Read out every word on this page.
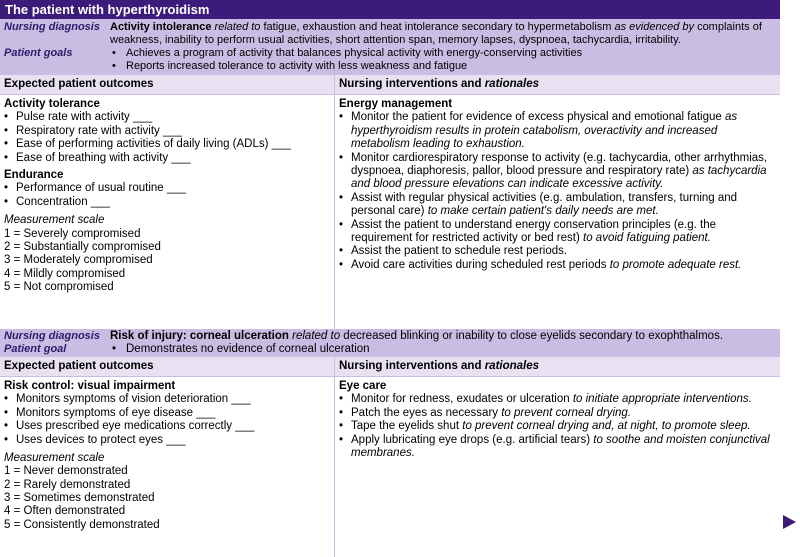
The patient with hyperthyroidism
Nursing diagnosis Activity intolerance related to fatigue, exhaustion and heat intolerance secondary to hypermetabolism as evidenced by complaints of weakness, inability to perform usual activities, short attention span, memory lapses, dyspnoea, tachycardia, irritability.
Patient goals	• Achieves a program of activity that balances physical activity with energy-conserving activities
• Reports increased tolerance to activity with less weakness and fatigue
Expected patient outcomes	Nursing interventions and rationales
Activity tolerance
• Pulse rate with activity ___
• Respiratory rate with activity ___
• Ease of performing activities of daily living (ADLs) ___
• Ease of breathing with activity ___
Endurance
• Performance of usual routine ___
• Concentration ___
Measurement scale
1 = Severely compromised
2 = Substantially compromised
3 = Moderately compromised
4 = Mildly compromised
5 = Not compromised
Energy management
• Monitor the patient for evidence of excess physical and emotional fatigue as hyperthyroidism results in protein catabolism, overactivity and increased metabolism leading to exhaustion.
• Monitor cardiorespiratory response to activity (e.g. tachycardia, other arrhythmias, dyspnoea, diaphoresis, pallor, blood pressure and respiratory rate) as tachycardia and blood pressure elevations can indicate excessive activity.
• Assist with regular physical activities (e.g. ambulation, transfers, turning and personal care) to make certain patient's daily needs are met.
• Assist the patient to understand energy conservation principles (e.g. the requirement for restricted activity or bed rest) to avoid fatiguing patient.
• Assist the patient to schedule rest periods.
• Avoid care activities during scheduled rest periods to promote adequate rest.
Nursing diagnosis Risk of injury: corneal ulceration related to decreased blinking or inability to close eyelids secondary to exophthalmos.
Patient goal	• Demonstrates no evidence of corneal ulceration
Expected patient outcomes	Nursing interventions and rationales
Risk control: visual impairment
• Monitors symptoms of vision deterioration ___
• Monitors symptoms of eye disease ___
• Uses prescribed eye medications correctly ___
• Uses devices to protect eyes ___
Measurement scale
1 = Never demonstrated
2 = Rarely demonstrated
3 = Sometimes demonstrated
4 = Often demonstrated
5 = Consistently demonstrated
Eye care
• Monitor for redness, exudates or ulceration to initiate appropriate interventions.
• Patch the eyes as necessary to prevent corneal drying.
• Tape the eyelids shut to prevent corneal drying and, at night, to promote sleep.
• Apply lubricating eye drops (e.g. artificial tears) to soothe and moisten conjunctival membranes.
